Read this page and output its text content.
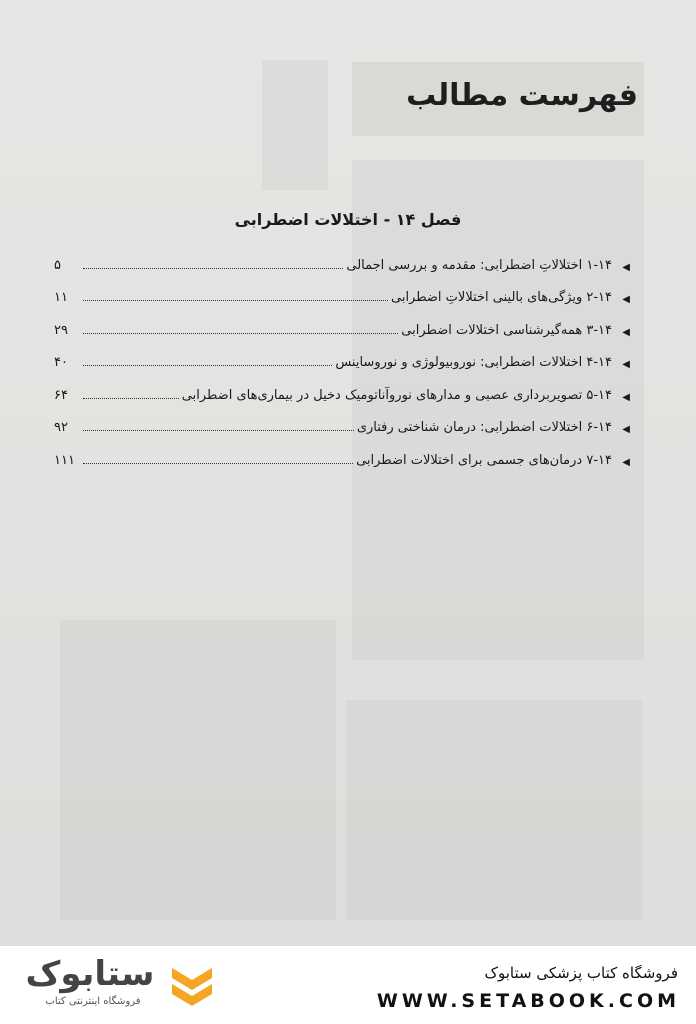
فهرست مطالب
فصل ۱۴ - اختلالات اضطرابی
◀
۱-۱۴ اختلالاتِ اضطرابی: مقدمه و بررسی اجمالی
۵
◀
۲-۱۴ ویژگی‌های بالینی اختلالاتِ اضطرابی
۱۱
◀
۳-۱۴ همه‌گیرشناسی اختلالات اضطرابی
۲۹
◀
۴-۱۴ اختلالات اضطرابی: نوروبیولوژی و نوروساینس
۴۰
◀
۵-۱۴ تصویربرداری عصبی و مدارهای نوروآناتومیک دخیل در بیماری‌های اضطرابی
۶۴
◀
۶-۱۴ اختلالات اضطرابی: درمان شناختی رفتاری
۹۲
◀
۷-۱۴ درمان‌های جسمی برای اختلالات اضطرابی
۱۱۱
فروشگاه کتاب پزشکی ستابوک
WWW.SETABOOK.COM
ستابوک
فروشگاه اینترنتی کتاب
